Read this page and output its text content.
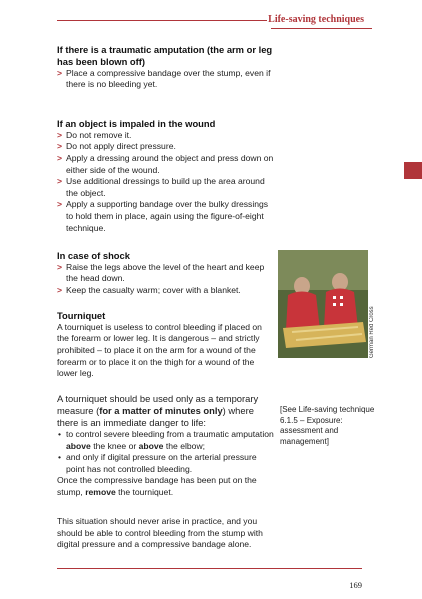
Life-saving techniques
If there is a traumatic amputation (the arm or leg has been blown off)
> Place a compressive bandage over the stump, even if there is no bleeding yet.
If an object is impaled in the wound
> Do not remove it.
> Do not apply direct pressure.
> Apply a dressing around the object and press down on either side of the wound.
> Use additional dressings to build up the area around the object.
> Apply a supporting bandage over the bulky dressings to hold them in place, again using the figure-of-eight technique.
In case of shock
> Raise the legs above the level of the heart and keep the head down.
> Keep the casualty warm; cover with a blanket.
Tourniquet

A tourniquet is useless to control bleeding if placed on the forearm or lower leg. It is dangerous – and strictly prohibited – to place it on the arm for a wound of the forearm or to place it on the thigh for a wound of the lower leg.

A tourniquet should be used only as a temporary measure (for a matter of minutes only) where there is an immediate danger to life:

• to control severe bleeding from a traumatic amputation above the knee or above the elbow;
• and only if digital pressure on the arterial pressure point has not controlled bleeding.

Once the compressive bandage has been put on the stump, remove the tourniquet.

This situation should never arise in practice, and you should be able to control bleeding from the stump with digital pressure and a compressive bandage alone.

German Red Cross
[See Life-saving technique 6.1.5 – Exposure: assessment and management]
169
